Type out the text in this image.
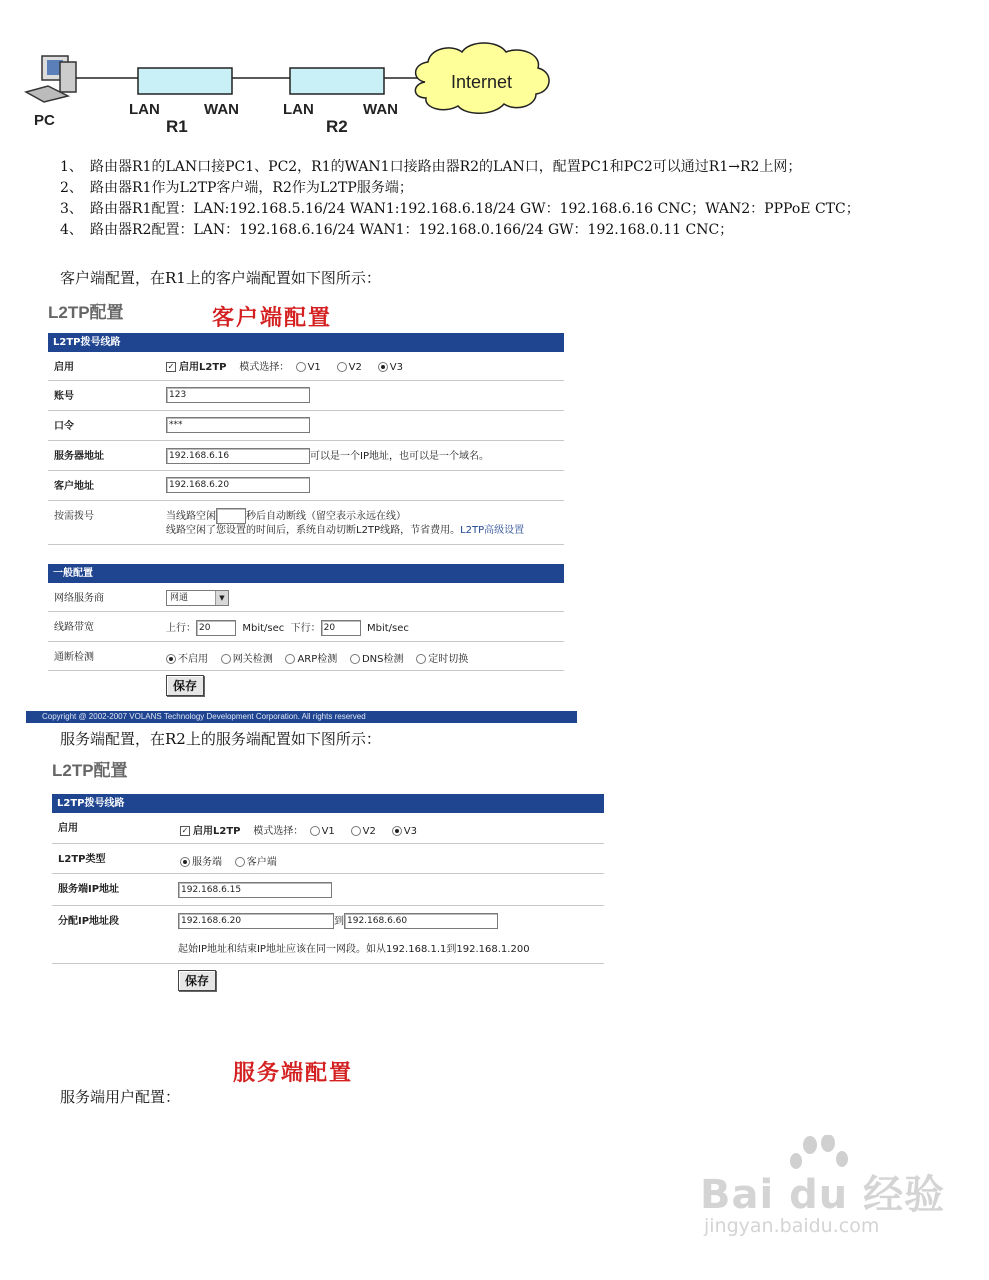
PC
LAN	WAN
R1
LAN	WAN
R2
Internet
1、 路由器R1的LAN口接PC1、PC2，R1的WAN1口接路由器R2的LAN口，配置PC1和PC2可以通过R1→R2上网；
2、 路由器R1作为L2TP客户端，R2作为L2TP服务端；
3、 路由器R1配置：LAN:192.168.5.16/24 WAN1:192.168.6.18/24 GW：192.168.6.16 CNC；WAN2：PPPoE CTC；
4、 路由器R2配置：LAN：192.168.6.16/24 WAN1：192.168.0.166/24 GW：192.168.0.11 CNC；
客户端配置，在R1上的客户端配置如下图所示：
L2TP配置	客户端配置
L2TP拨号线路
启用	✓ 启用L2TP 模式选择： V1	V2	V3
账号	123
口令	***
服务器地址	192.168.6.16	可以是一个IP地址，也可以是一个域名。
客户地址	192.168.6.20
按需拨号	当线路空闲	秒后自动断线（留空表示永远在线）
线路空闲了您设置的时间后，系统自动切断L2TP线路，节省费用。L2TP高级设置
一般配置
网络服务商	网通	▼
线路带宽	上行： 20	Mbit/sec 下行： 20	Mbit/sec
通断检测	不启用 网关检测 ARP检测 DNS检测 定时切换
保存
Copyright @ 2002-2007 VOLANS Technology Development Corporation. All rights reserved
服务端配置，在R2上的服务端配置如下图所示：
L2TP配置
L2TP拨号线路
启用	✓ 启用L2TP 模式选择： V1	V2	V3
L2TP类型	服务端 客户端
服务端IP地址	192.168.6.15
分配IP地址段	192.168.6.20	到 192.168.6.60
起始IP地址和结束IP地址应该在同一网段。如从192.168.1.1到192.168.1.200
保存
服务端配置
服务端用户配置：
Bai du 经验
jingyan.baidu.com
